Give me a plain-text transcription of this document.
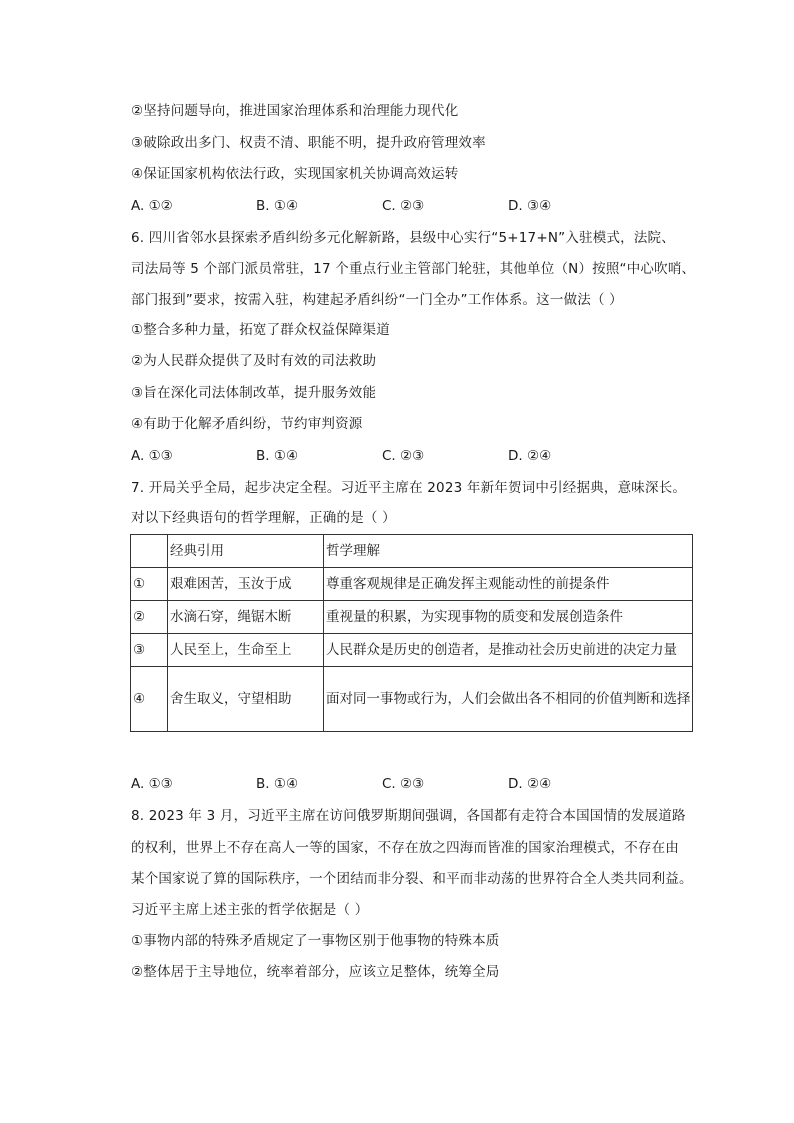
②坚持问题导向，推进国家治理体系和治理能力现代化
③破除政出多门、权责不清、职能不明，提升政府管理效率
④保证国家机构依法行政，实现国家机关协调高效运转
A. ①②	B. ①④	C. ②③	D. ③④
6. 四川省邻水县探索矛盾纠纷多元化解新路，县级中心实行“5+17+N”入驻模式，法院、
司法局等 5 个部门派员常驻，17 个重点行业主管部门轮驻，其他单位（N）按照“中心吹哨、
部门报到”要求，按需入驻，构建起矛盾纠纷“一门全办”工作体系。这一做法（ ）
①整合多种力量，拓宽了群众权益保障渠道
②为人民群众提供了及时有效的司法救助
③旨在深化司法体制改革，提升服务效能
④有助于化解矛盾纠纷，节约审判资源
A. ①③	B. ①④	C. ②③	D. ②④
7. 开局关乎全局，起步决定全程。习近平主席在 2023 年新年贺词中引经据典，意味深长。
对以下经典语句的哲学理解，正确的是（ ）
	经典引用	哲学理解
①	艰难困苦，玉汝于成	尊重客观规律是正确发挥主观能动性的前提条件
②	水滴石穿，绳锯木断	重视量的积累，为实现事物的质变和发展创造条件
③	人民至上，生命至上	人民群众是历史的创造者，是推动社会历史前进的决定力量
④	舍生取义，守望相助	面对同一事物或行为，人们会做出各不相同的价值判断和选择
A. ①③	B. ①④	C. ②③	D. ②④
8. 2023 年 3 月，习近平主席在访问俄罗斯期间强调，各国都有走符合本国国情的发展道路
的权利，世界上不存在高人一等的国家，不存在放之四海而皆准的国家治理模式，不存在由
某个国家说了算的国际秩序，一个团结而非分裂、和平而非动荡的世界符合全人类共同利益。
习近平主席上述主张的哲学依据是（ ）
①事物内部的特殊矛盾规定了一事物区别于他事物的特殊本质
②整体居于主导地位，统率着部分，应该立足整体，统筹全局
